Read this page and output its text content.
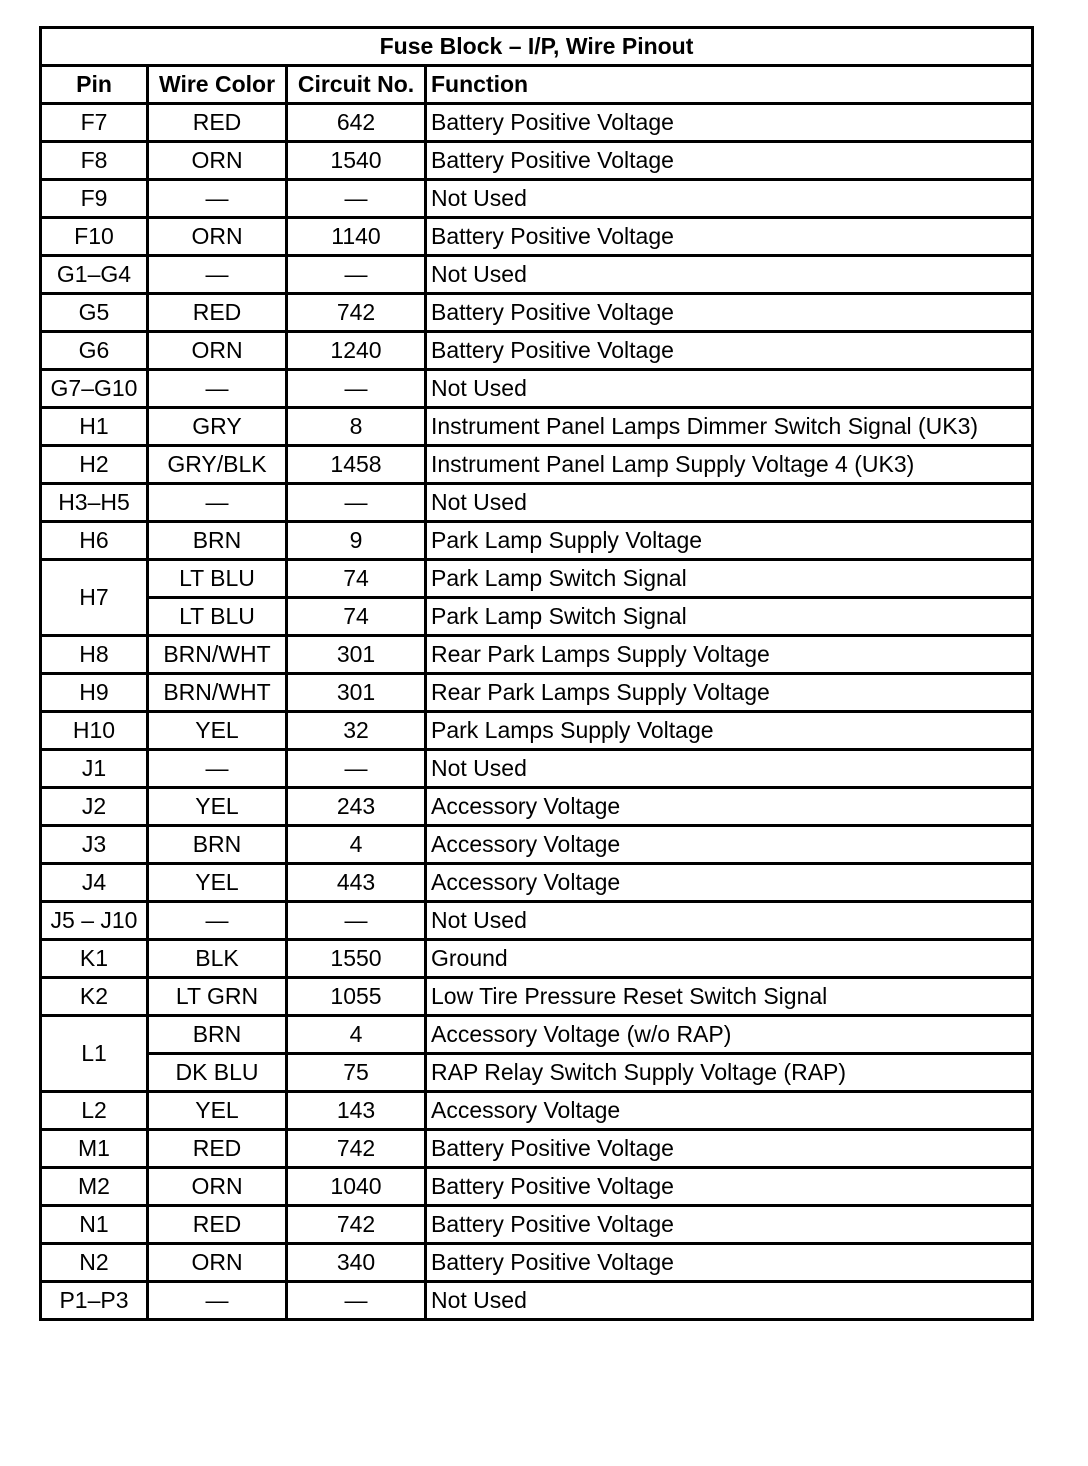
Fuse Block – I/P, Wire Pinout			
Pin	Wire Color	Circuit No.	Function
F7	RED	642	Battery Positive Voltage
F8	ORN	1540	Battery Positive Voltage
F9	—	—	Not Used
F10	ORN	1140	Battery Positive Voltage
G1–G4	—	—	Not Used
G5	RED	742	Battery Positive Voltage
G6	ORN	1240	Battery Positive Voltage
G7–G10	—	—	Not Used
H1	GRY	8	Instrument Panel Lamps Dimmer Switch Signal (UK3)
H2	GRY/BLK	1458	Instrument Panel Lamp Supply Voltage 4 (UK3)
H3–H5	—	—	Not Used
H6	BRN	9	Park Lamp Supply Voltage
H7	LT BLU	74	Park Lamp Switch Signal
	LT BLU	74	Park Lamp Switch Signal
H8	BRN/WHT	301	Rear Park Lamps Supply Voltage
H9	BRN/WHT	301	Rear Park Lamps Supply Voltage
H10	YEL	32	Park Lamps Supply Voltage
J1	—	—	Not Used
J2	YEL	243	Accessory Voltage
J3	BRN	4	Accessory Voltage
J4	YEL	443	Accessory Voltage
J5 – J10	—	—	Not Used
K1	BLK	1550	Ground
K2	LT GRN	1055	Low Tire Pressure Reset Switch Signal
L1	BRN	4	Accessory Voltage (w/o RAP)
	DK BLU	75	RAP Relay Switch Supply Voltage (RAP)
L2	YEL	143	Accessory Voltage
M1	RED	742	Battery Positive Voltage
M2	ORN	1040	Battery Positive Voltage
N1	RED	742	Battery Positive Voltage
N2	ORN	340	Battery Positive Voltage
P1–P3	—	—	Not Used
